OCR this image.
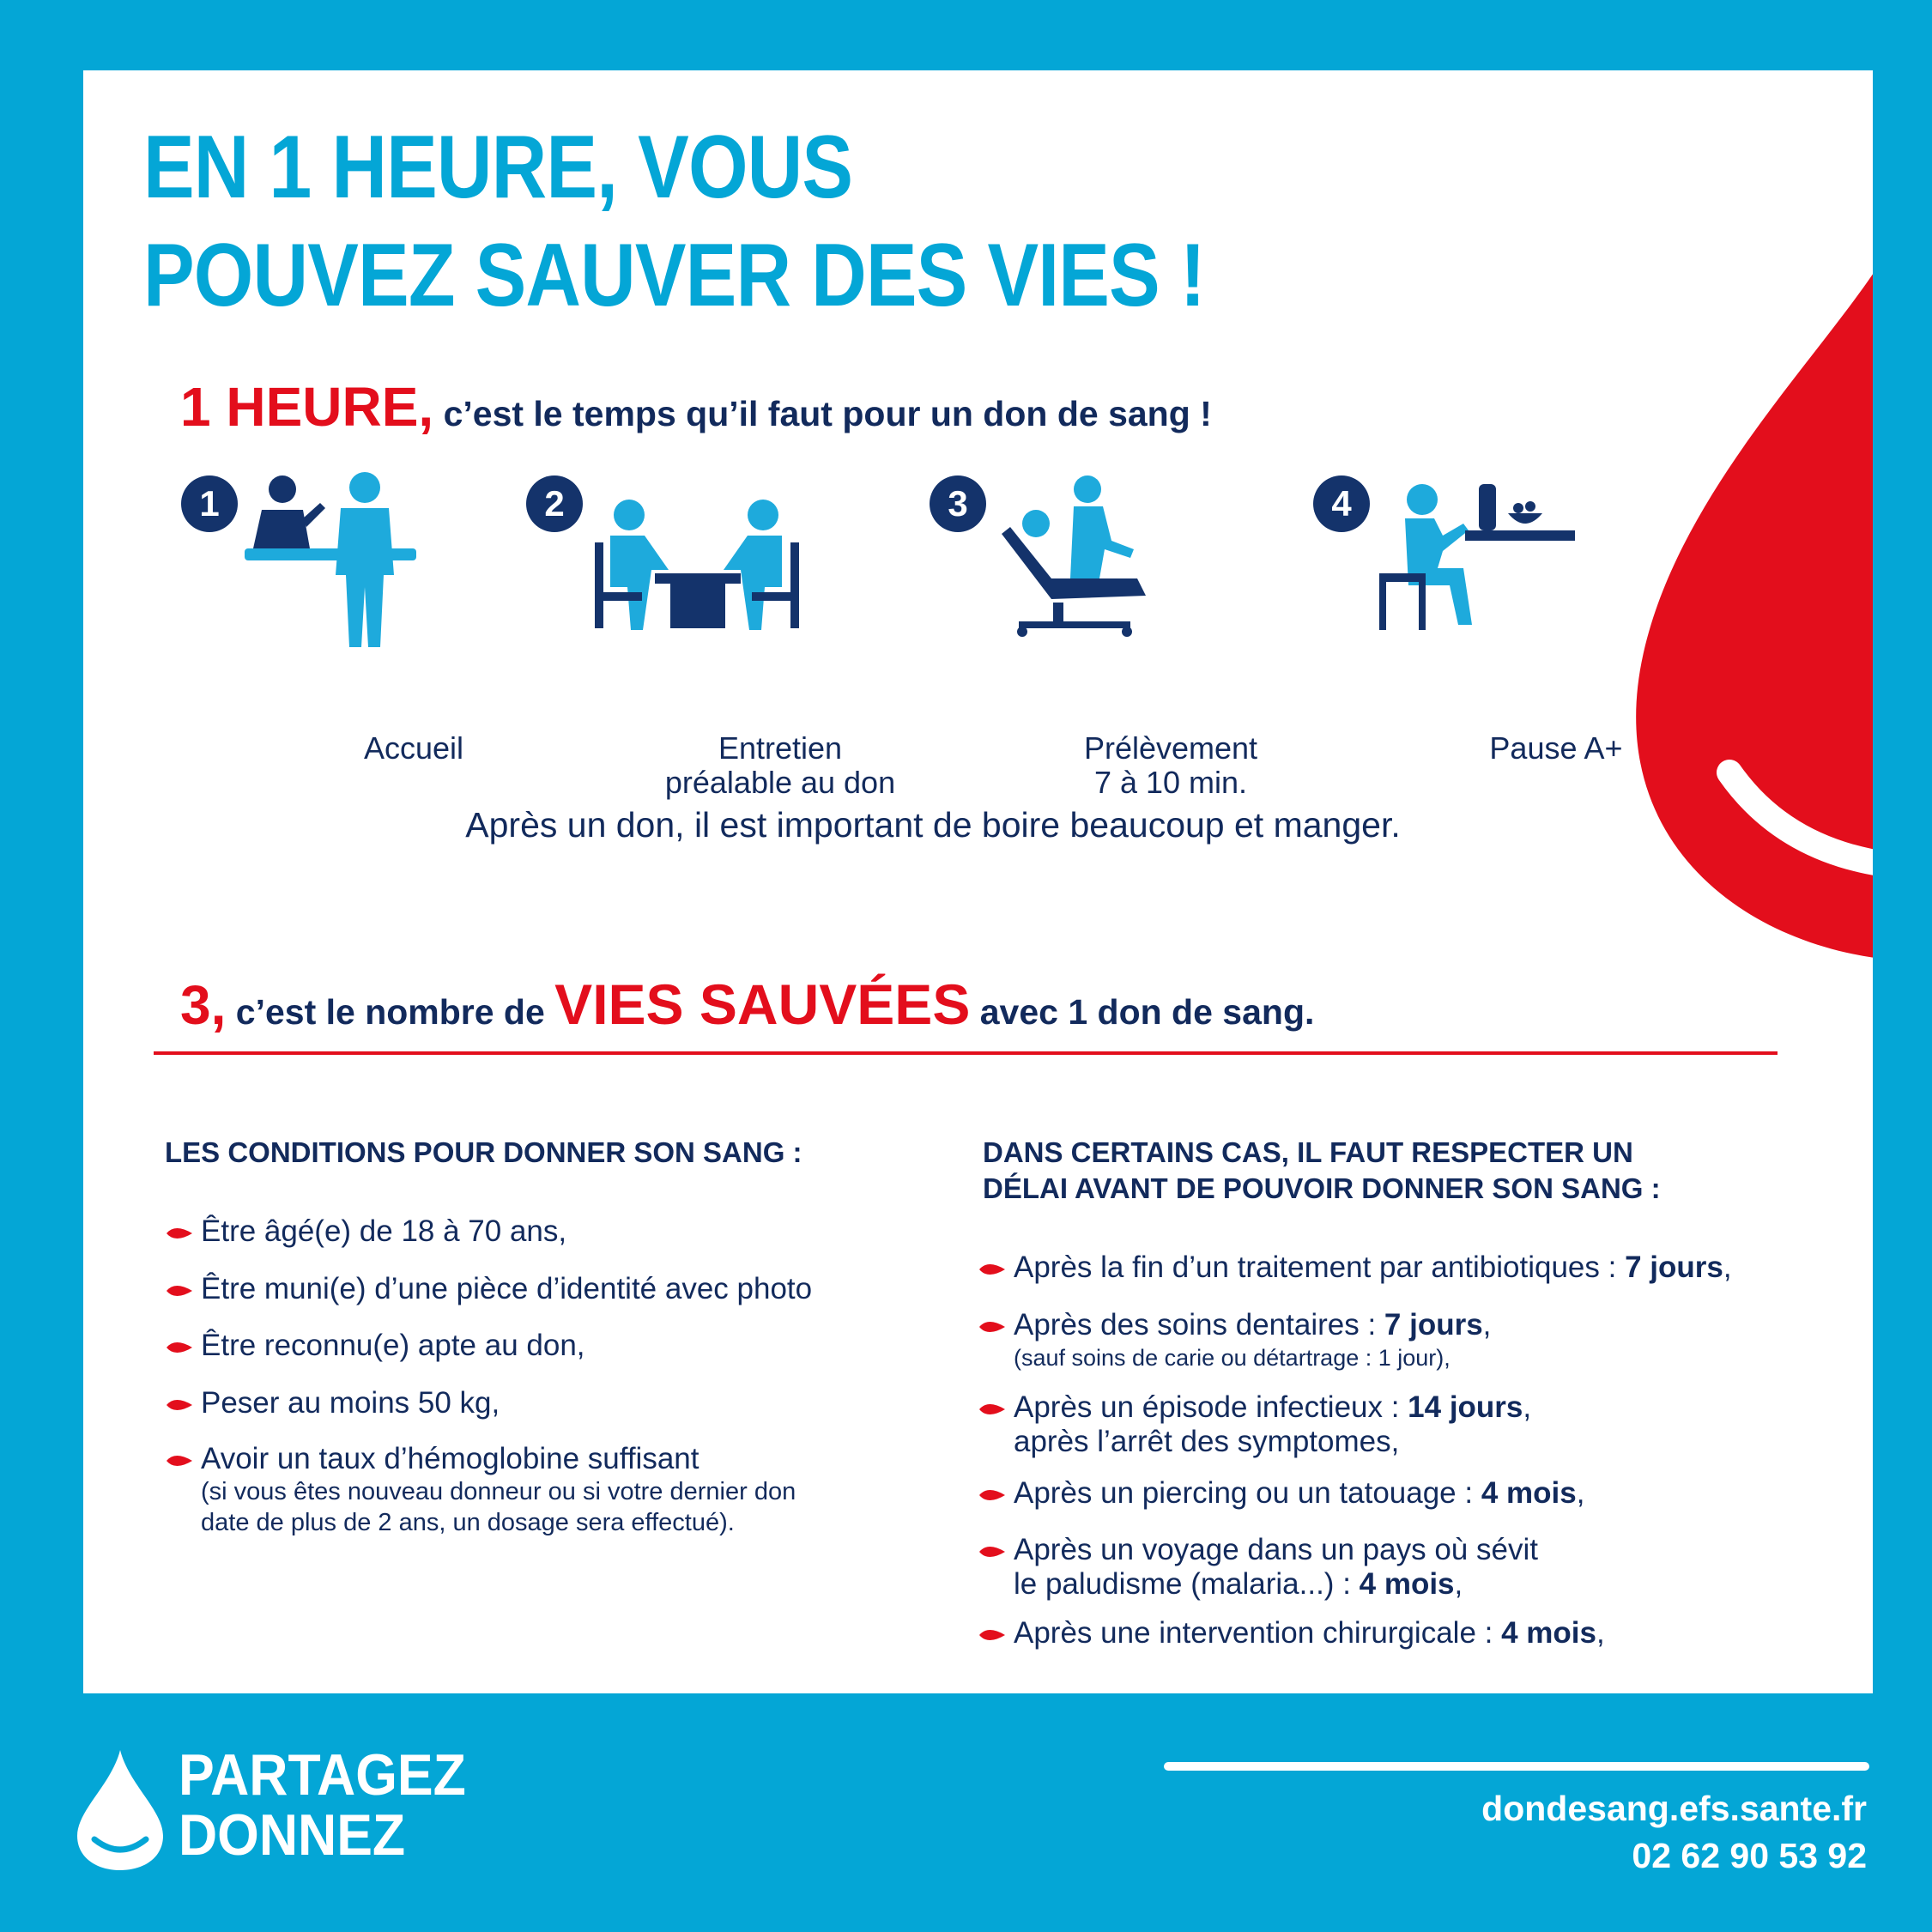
EN 1 HEURE, VOUS
POUVEZ SAUVER DES VIES !
1 HEURE, c’est le temps qu’il faut pour un don de sang !
1
Accueil
2
Entretien
préalable au don
3
Prélèvement
7 à 10 min.
4
Pause A+
Après un don, il est important de boire beaucoup et manger.
3, c’est le nombre de VIES SAUVÉES avec 1 don de sang.
LES CONDITIONS POUR DONNER SON SANG :
Être âgé(e) de 18 à 70 ans,
Être muni(e) d’une pièce d’identité avec photo
Être reconnu(e) apte au don,
Peser au moins 50 kg,
Avoir un taux d’hémoglobine suffisant
(si vous êtes nouveau donneur ou si votre dernier don
date de plus de 2 ans, un dosage sera effectué).
DANS CERTAINS CAS, IL FAUT RESPECTER UN
DÉLAI AVANT DE POUVOIR DONNER SON SANG :
Après la fin d’un traitement par antibiotiques : 7 jours,
Après des soins dentaires : 7 jours,
(sauf soins de carie ou détartrage : 1 jour),
Après un épisode infectieux : 14 jours,
après l’arrêt des symptomes,
Après un piercing ou un tatouage : 4 mois,
Après un voyage dans un pays où sévit
le paludisme (malaria...) : 4 mois,
Après une intervention chirurgicale : 4 mois,
PARTAGEZ
DONNEZ	dondesang.efs.sante.fr
02 62 90 53 92
